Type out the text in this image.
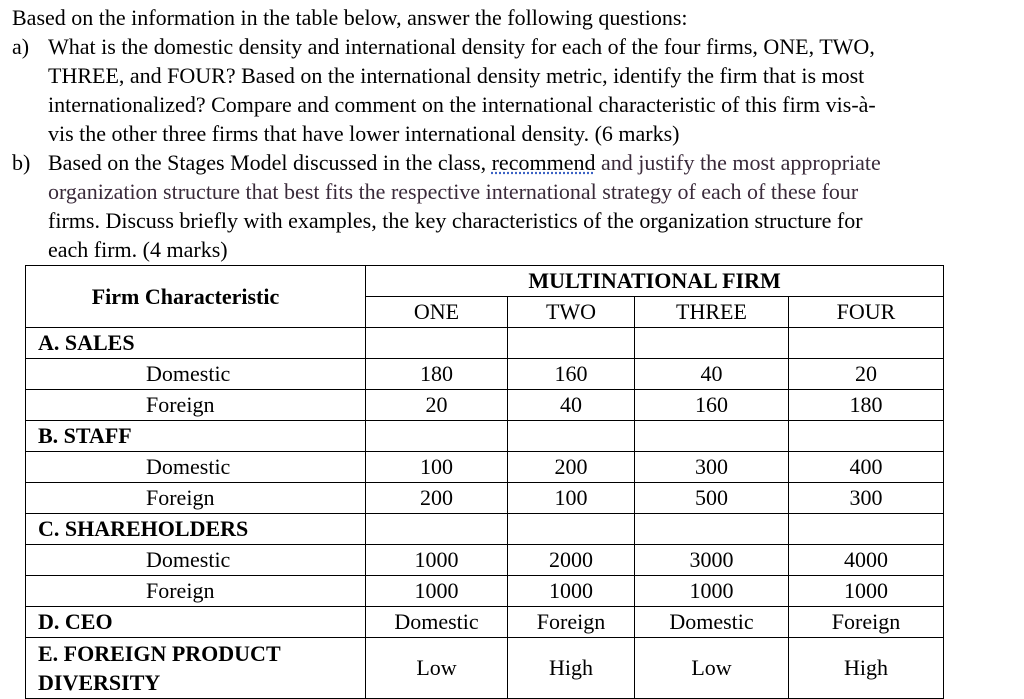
Based on the information in the table below, answer the following questions:
a) What is the domestic density and international density for each of the four firms, ONE, TWO,
THREE, and FOUR? Based on the international density metric, identify the firm that is most
internationalized? Compare and comment on the international characteristic of this firm vis-à-
vis the other three firms that have lower international density. (6 marks)
b) Based on the Stages Model discussed in the class, recommend and justify the most appropriate
organization structure that best fits the respective international strategy of each of these four
firms. Discuss briefly with examples, the key characteristics of the organization structure for
each firm. (4 marks)
Firm Characteristic	MULTINATIONAL FIRM			
	ONE	TWO	THREE	FOUR
A. SALES				
Domestic	180	160	40	20
Foreign	20	40	160	180
B. STAFF				
Domestic	100	200	300	400
Foreign	200	100	500	300
C. SHAREHOLDERS				
Domestic	1000	2000	3000	4000
Foreign	1000	1000	1000	1000
D. CEO	Domestic	Foreign	Domestic	Foreign
E. FOREIGN PRODUCT
DIVERSITY	Low	High	Low	High
